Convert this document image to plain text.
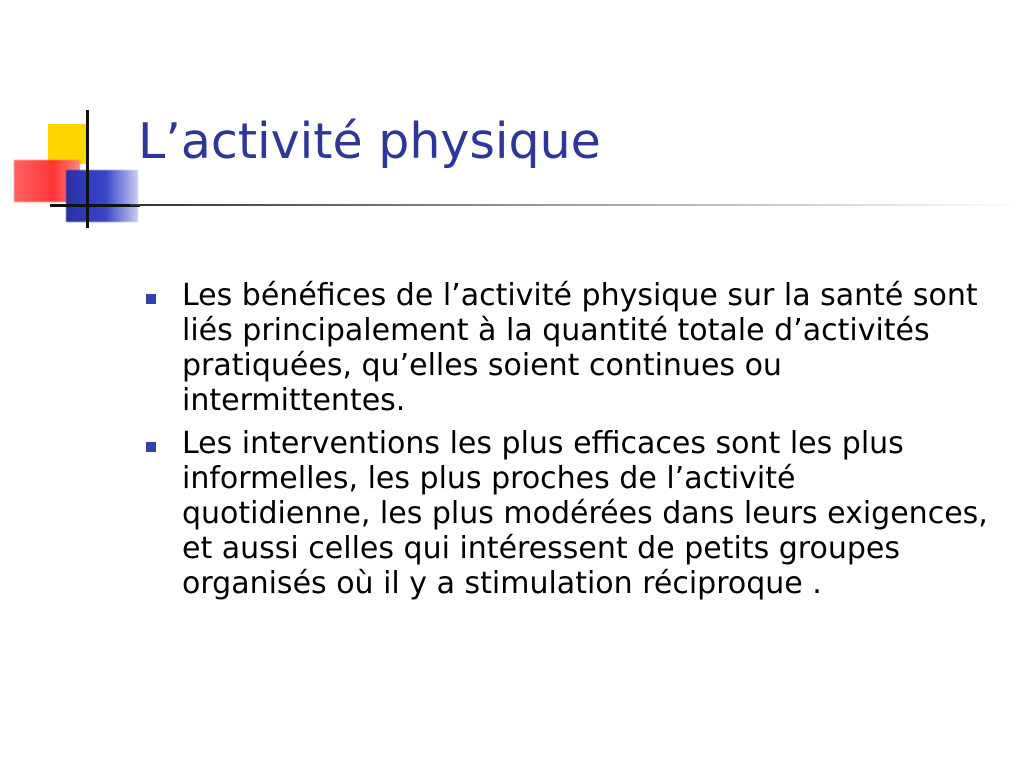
L’activité physique
Les bénéfices de l’activité physique sur la santé sont liés principalement à la quantité totale d’activités pratiquées, qu’elles soient continues ou intermittentes.
Les interventions les plus efficaces sont les plus informelles, les plus proches de l’activité quotidienne, les plus modérées dans leurs exigences, et aussi celles qui intéressent de petits groupes organisés où il y a stimulation réciproque .
